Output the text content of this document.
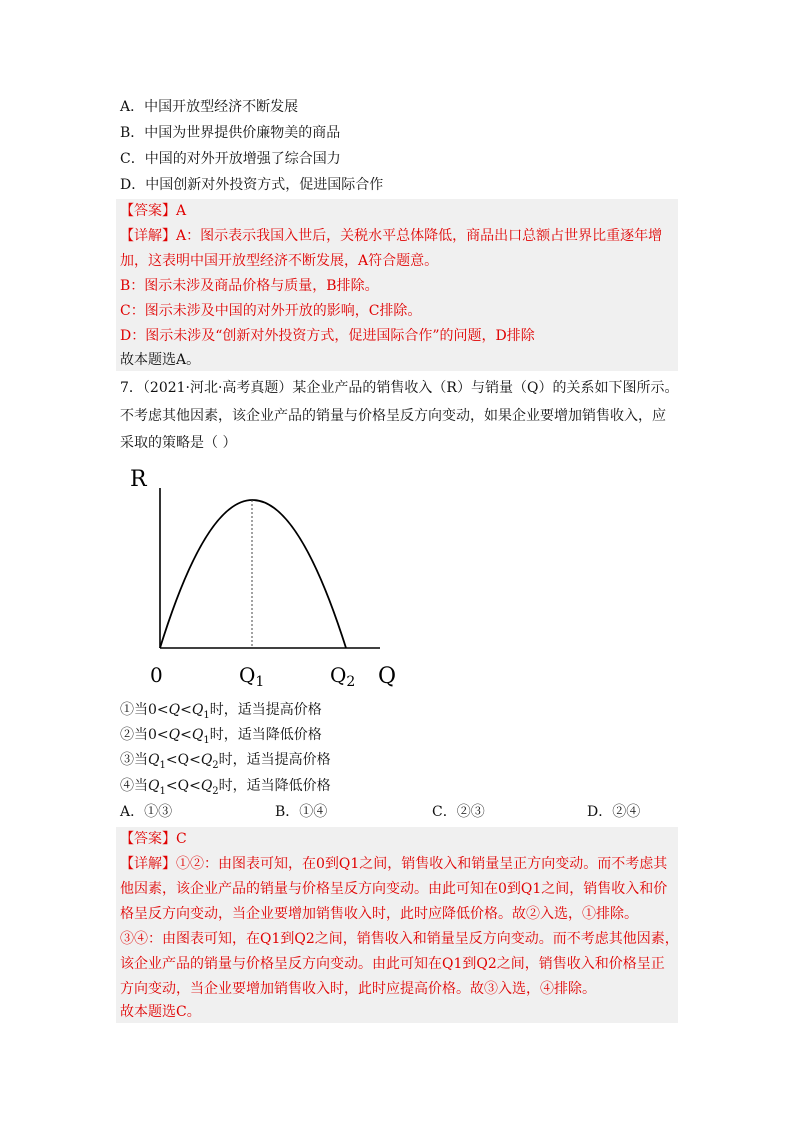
A．中国开放型经济不断发展
B．中国为世界提供价廉物美的商品
C．中国的对外开放增强了综合国力
D．中国创新对外投资方式，促进国际合作
【答案】A
【详解】A：图示表示我国入世后，关税水平总体降低，商品出口总额占世界比重逐年增
加，这表明中国开放型经济不断发展，A符合题意。
B：图示未涉及商品价格与质量，B排除。
C：图示未涉及中国的对外开放的影响，C排除。
D：图示未涉及“创新对外投资方式，促进国际合作”的问题，D排除
故本题选A。
7．（2021·河北·高考真题）某企业产品的销售收入（R）与销量（Q）的关系如下图所示。
不考虑其他因素，该企业产品的销量与价格呈反方向变动，如果企业要增加销售收入，应
采取的策略是（ ）
R
Q
0	$Q_1$	$Q_2$
①当$0<Q<Q_1$时，适当提高价格
②当$0<Q<Q_1$时，适当降低价格
③当$Q_1<Q<Q_2$时，适当提高价格
④当$Q_1<Q<Q_2$时，适当降低价格
A．①③	B．①④	C．②③	D．②④
【答案】C
【详解】①②：由图表可知，在0到Q1之间，销售收入和销量呈正方向变动。而不考虑其
他因素，该企业产品的销量与价格呈反方向变动。由此可知在0到Q1之间，销售收入和价
格呈反方向变动，当企业要增加销售收入时，此时应降低价格。故②入选，①排除。
③④：由图表可知，在Q1到Q2之间，销售收入和销量呈反方向变动。而不考虑其他因素，
该企业产品的销量与价格呈反方向变动。由此可知在Q1到Q2之间，销售收入和价格呈正
方向变动，当企业要增加销售收入时，此时应提高价格。故③入选，④排除。
故本题选C。
